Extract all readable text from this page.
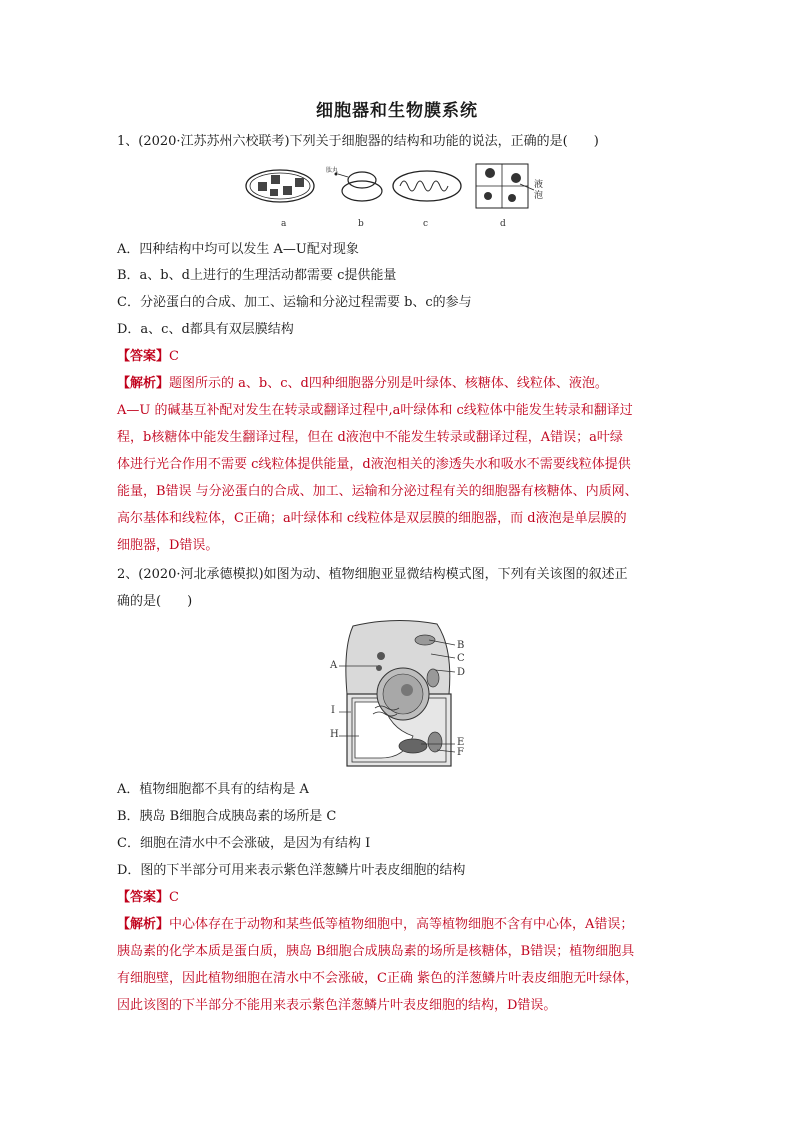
细胞器和生物膜系统
1、(2020·江苏苏州六校联考)下列关于细胞器的结构和功能的说法，正确的是(　　)
肽丸
液
泡
a	b	c	d
A．四种结构中均可以发生 A—U配对现象
B．a、b、d上进行的生理活动都需要 c提供能量
C．分泌蛋白的合成、加工、运输和分泌过程需要 b、c的参与
D．a、c、d都具有双层膜结构
【答案】C
【解析】题图所示的 a、b、c、d四种细胞器分别是叶绿体、核糖体、线粒体、液泡。
A—U 的碱基互补配对发生在转录或翻译过程中,a叶绿体和 c线粒体中能发生转录和翻译过
程，b核糖体中能发生翻译过程，但在 d液泡中不能发生转录或翻译过程，A错误；a叶绿
体进行光合作用不需要 c线粒体提供能量，d液泡相关的渗透失水和吸水不需要线粒体提供
能量，B错误 与分泌蛋白的合成、加工、运输和分泌过程有关的细胞器有核糖体、内质网、
高尔基体和线粒体，C正确；a叶绿体和 c线粒体是双层膜的细胞器，而 d液泡是单层膜的
细胞器，D错误。
2、(2020·河北承德模拟)如图为动、植物细胞亚显微结构模式图，下列有关该图的叙述正
确的是(　　)
A
B
C
D
I
H
E
F
A．植物细胞都不具有的结构是 A
B．胰岛 B细胞合成胰岛素的场所是 C
C．细胞在清水中不会涨破，是因为有结构 I
D．图的下半部分可用来表示紫色洋葱鳞片叶表皮细胞的结构
【答案】C
【解析】中心体存在于动物和某些低等植物细胞中，高等植物细胞不含有中心体，A错误；
胰岛素的化学本质是蛋白质，胰岛 B细胞合成胰岛素的场所是核糖体，B错误；植物细胞具
有细胞壁，因此植物细胞在清水中不会涨破，C正确 紫色的洋葱鳞片叶表皮细胞无叶绿体，
因此该图的下半部分不能用来表示紫色洋葱鳞片叶表皮细胞的结构，D错误。
